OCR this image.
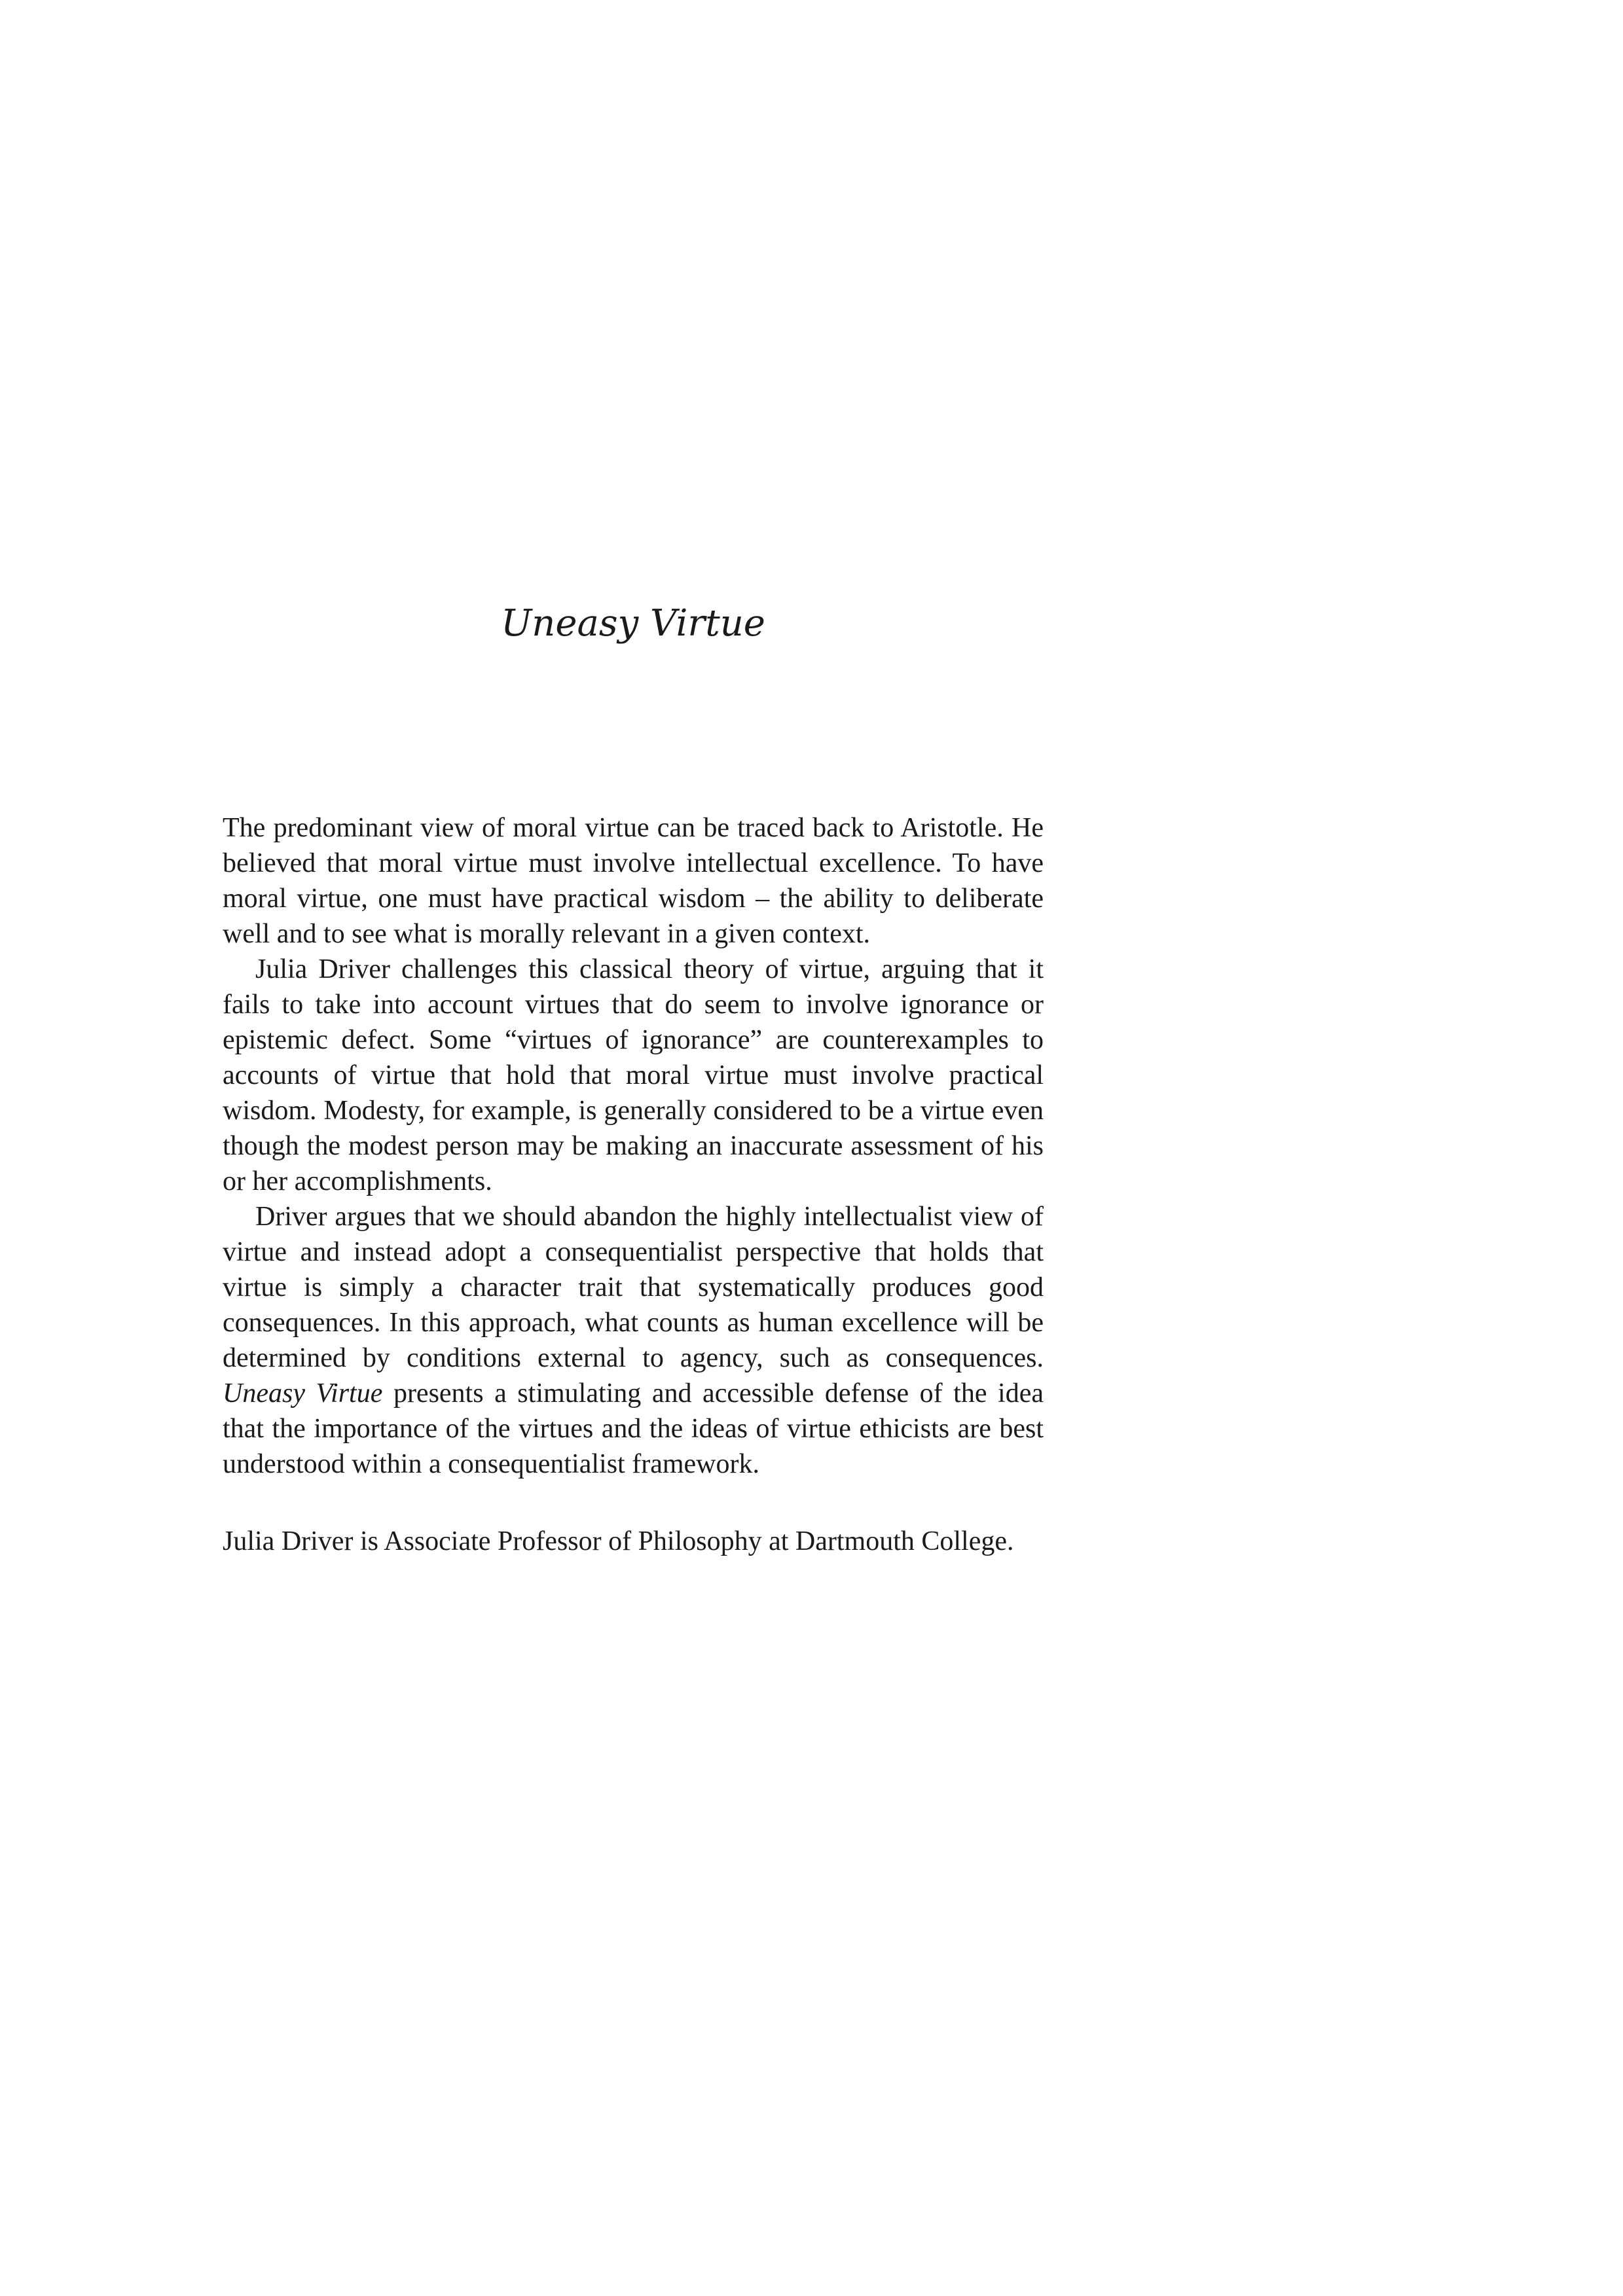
Uneasy Virtue

The predominant view of moral virtue can be traced back to Aristotle. He believed that moral virtue must involve intellectual excellence. To have moral virtue, one must have practical wisdom – the ability to deliberate well and to see what is morally relevant in a given context.

Julia Driver challenges this classical theory of virtue, arguing that it fails to take into account virtues that do seem to involve ignorance or epistemic defect. Some “virtues of ignorance” are counterexamples to accounts of virtue that hold that moral virtue must involve practical wisdom. Modesty, for example, is generally considered to be a virtue even though the modest person may be making an inaccurate assessment of his or her accomplishments.

Driver argues that we should abandon the highly intellectualist view of virtue and instead adopt a consequentialist perspective that holds that virtue is simply a character trait that systematically produces good consequences. In this approach, what counts as human excellence will be determined by conditions external to agency, such as consequences. Uneasy Virtue presents a stimulating and accessible defense of the idea that the importance of the virtues and the ideas of virtue ethicists are best understood within a consequentialist framework.

Julia Driver is Associate Professor of Philosophy at Dartmouth College.
